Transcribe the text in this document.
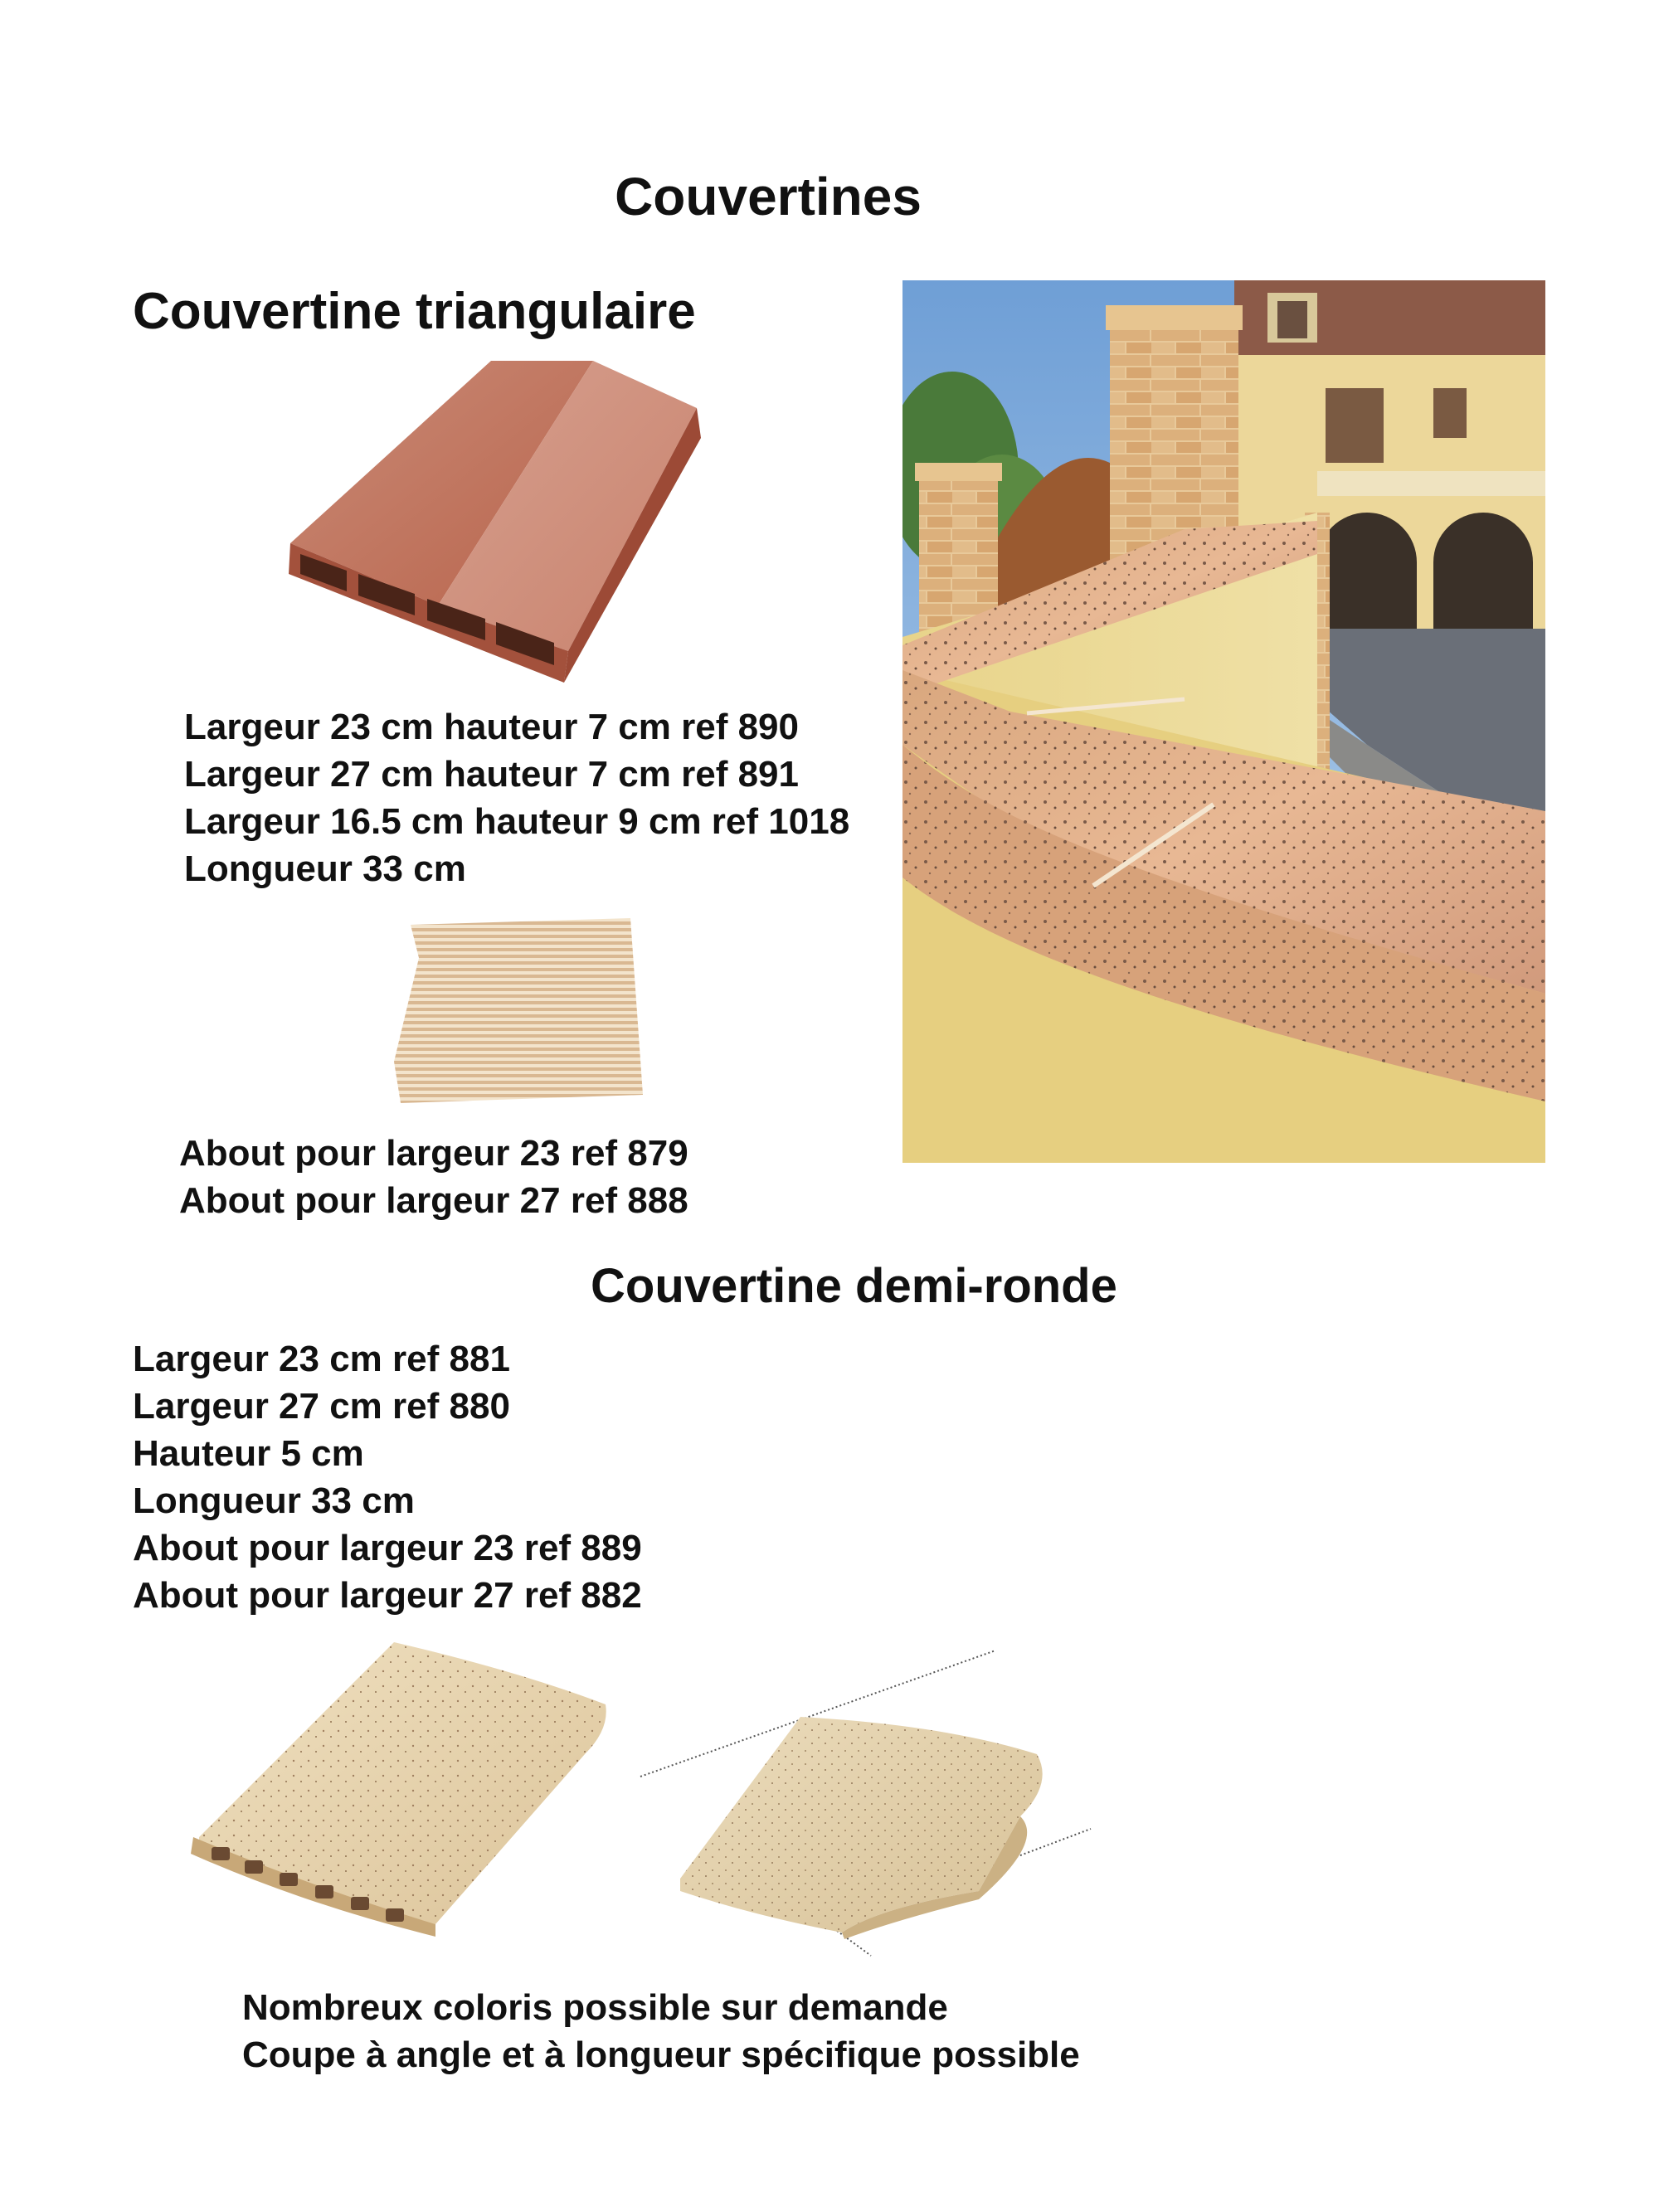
Couvertines
Couvertine triangulaire
Largeur 23 cm hauteur 7 cm ref 890
Largeur 27 cm hauteur 7 cm ref 891
Largeur 16.5 cm hauteur 9 cm ref 1018
Longueur 33 cm
About pour largeur 23 ref 879
About pour largeur 27 ref 888
Couvertine demi-ronde
Largeur 23 cm ref 881
Largeur 27 cm ref 880
Hauteur 5 cm
Longueur 33 cm
About pour largeur 23 ref 889
About pour largeur 27 ref 882
Nombreux coloris possible sur demande
Coupe à angle et à longueur spécifique possible
